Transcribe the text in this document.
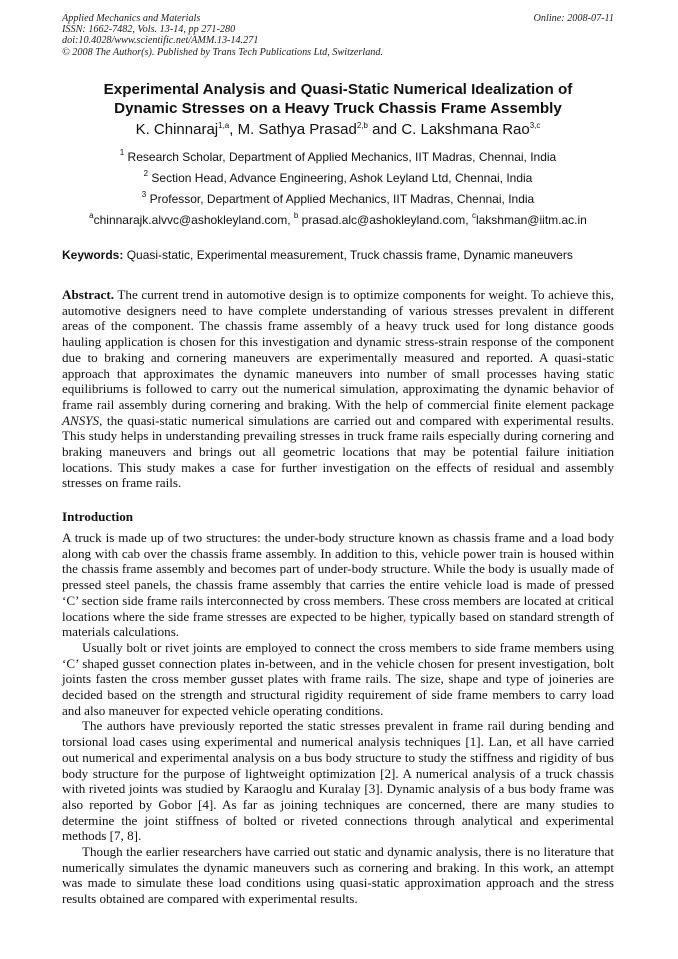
Applied Mechanics and Materials
ISSN: 1662-7482, Vols. 13-14, pp 271-280
doi:10.4028/www.scientific.net/AMM.13-14.271
© 2008 The Author(s). Published by Trans Tech Publications Ltd, Switzerland.
Online: 2008-07-11
Experimental Analysis and Quasi-Static Numerical Idealization of
Dynamic Stresses on a Heavy Truck Chassis Frame Assembly
K. Chinnaraj$^{1,a}$, M. Sathya Prasad$^{2,b}$ and C. Lakshmana Rao$^{3,c}$
$^1$ Research Scholar, Department of Applied Mechanics, IIT Madras, Chennai, India
$^2$ Section Head, Advance Engineering, Ashok Leyland Ltd, Chennai, India
$^3$ Professor, Department of Applied Mechanics, IIT Madras, Chennai, India
$^a$chinnarajk.alvvc@ashokleyland.com, $^b$ prasad.alc@ashokleyland.com, $^c$lakshman@iitm.ac.in
Keywords: Quasi-static, Experimental measurement, Truck chassis frame, Dynamic maneuvers

Abstract. The current trend in automotive design is to optimize components for weight. To achieve this, automotive designers need to have complete understanding of various stresses prevalent in different areas of the component. The chassis frame assembly of a heavy truck used for long distance goods hauling application is chosen for this investigation and dynamic stress-strain response of the component due to braking and cornering maneuvers are experimentally measured and reported. A quasi-static approach that approximates the dynamic maneuvers into number of small processes having static equilibriums is followed to carry out the numerical simulation, approximating the dynamic behavior of frame rail assembly during cornering and braking. With the help of commercial finite element package ANSYS, the quasi-static numerical simulations are carried out and compared with experimental results. This study helps in understanding prevailing stresses in truck frame rails especially during cornering and braking maneuvers and brings out all geometric locations that may be potential failure initiation locations. This study makes a case for further investigation on the effects of residual and assembly stresses on frame rails.

Introduction

A truck is made up of two structures: the under-body structure known as chassis frame and a load body along with cab over the chassis frame assembly. In addition to this, vehicle power train is housed within the chassis frame assembly and becomes part of under-body structure. While the body is usually made of pressed steel panels, the chassis frame assembly that carries the entire vehicle load is made of pressed ‘C’ section side frame rails interconnected by cross members. These cross members are located at critical locations where the side frame stresses are expected to be higher, typically based on standard strength of materials calculations.

Usually bolt or rivet joints are employed to connect the cross members to side frame members using ‘C’ shaped gusset connection plates in-between, and in the vehicle chosen for present investigation, bolt joints fasten the cross member gusset plates with frame rails. The size, shape and type of joineries are decided based on the strength and structural rigidity requirement of side frame members to carry load and also maneuver for expected vehicle operating conditions.

The authors have previously reported the static stresses prevalent in frame rail during bending and torsional load cases using experimental and numerical analysis techniques [1]. Lan, et all have carried out numerical and experimental analysis on a bus body structure to study the stiffness and rigidity of bus body structure for the purpose of lightweight optimization [2]. A numerical analysis of a truck chassis with riveted joints was studied by Karaoglu and Kuralay [3]. Dynamic analysis of a bus body frame was also reported by Gobor [4]. As far as joining techniques are concerned, there are many studies to determine the joint stiffness of bolted or riveted connections through analytical and experimental methods [7, 8].

Though the earlier researchers have carried out static and dynamic analysis, there is no literature that numerically simulates the dynamic maneuvers such as cornering and braking. In this work, an attempt was made to simulate these load conditions using quasi-static approximation approach and the stress results obtained are compared with experimental results.
